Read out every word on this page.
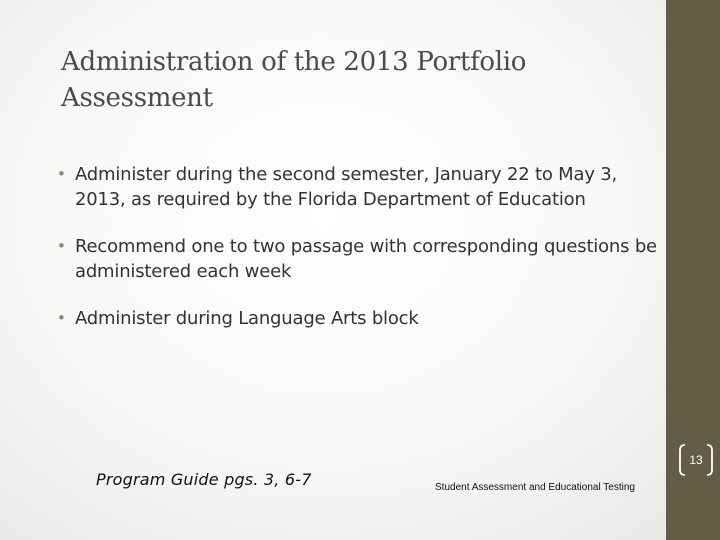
Administration of the 2013 Portfolio
Assessment
• Administer during the second semester, January 22 to May 3, 2013, as required by the Florida Department of Education
• Recommend one to two passage with corresponding questions be administered each week
• Administer during Language Arts block
Program Guide pgs. 3, 6-7	Student Assessment and Educational Testing
13
